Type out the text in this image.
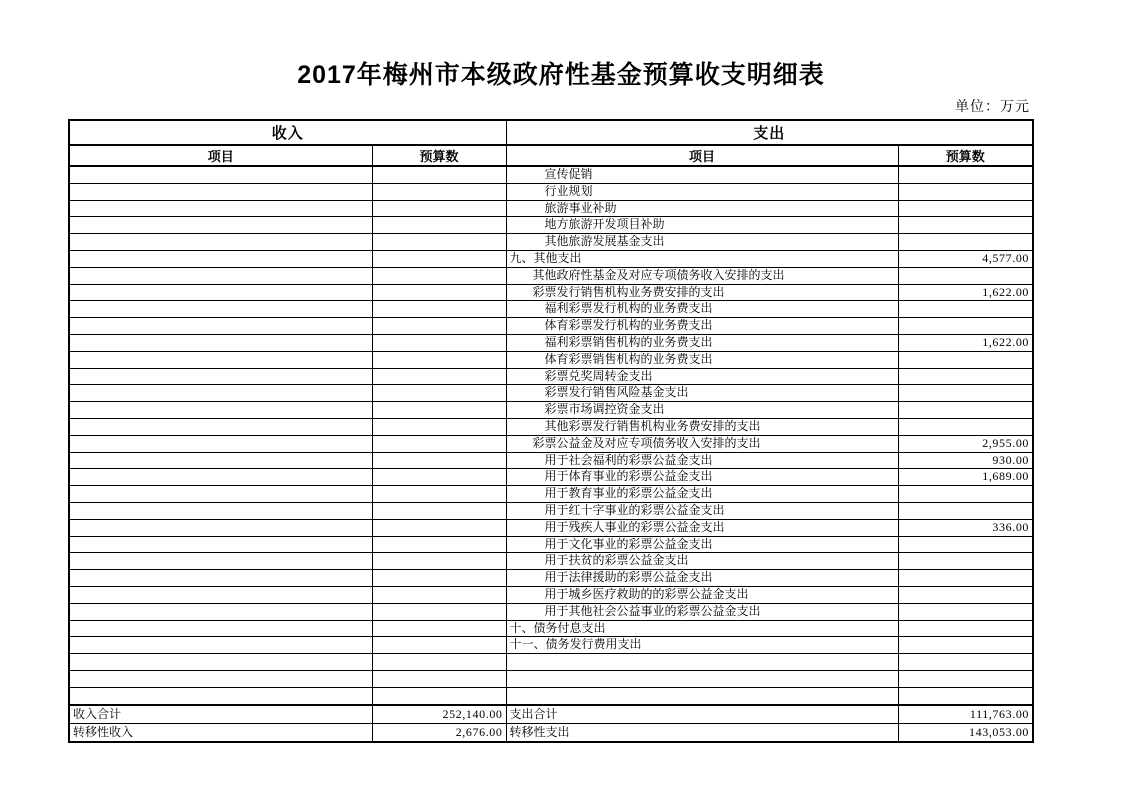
2017年梅州市本级政府性基金预算收支明细表
单位：万元
收入		支出	
项目	预算数	项目	预算数
		宣传促销	
		行业规划	
		旅游事业补助	
		地方旅游开发项目补助	
		其他旅游发展基金支出	
		九、其他支出	4,577.00
		其他政府性基金及对应专项债务收入安排的支出	
		彩票发行销售机构业务费安排的支出	1,622.00
		福利彩票发行机构的业务费支出	
		体育彩票发行机构的业务费支出	
		福利彩票销售机构的业务费支出	1,622.00
		体育彩票销售机构的业务费支出	
		彩票兑奖周转金支出	
		彩票发行销售风险基金支出	
		彩票市场调控资金支出	
		其他彩票发行销售机构业务费安排的支出	
		彩票公益金及对应专项债务收入安排的支出	2,955.00
		用于社会福利的彩票公益金支出	930.00
		用于体育事业的彩票公益金支出	1,689.00
		用于教育事业的彩票公益金支出	
		用于红十字事业的彩票公益金支出	
		用于残疾人事业的彩票公益金支出	336.00
		用于文化事业的彩票公益金支出	
		用于扶贫的彩票公益金支出	
		用于法律援助的彩票公益金支出	
		用于城乡医疗救助的的彩票公益金支出	
		用于其他社会公益事业的彩票公益金支出	
		十、债务付息支出	
		十一、债务发行费用支出	

收入合计	252,140.00	支出合计	111,763.00
转移性收入	2,676.00	转移性支出	143,053.00
